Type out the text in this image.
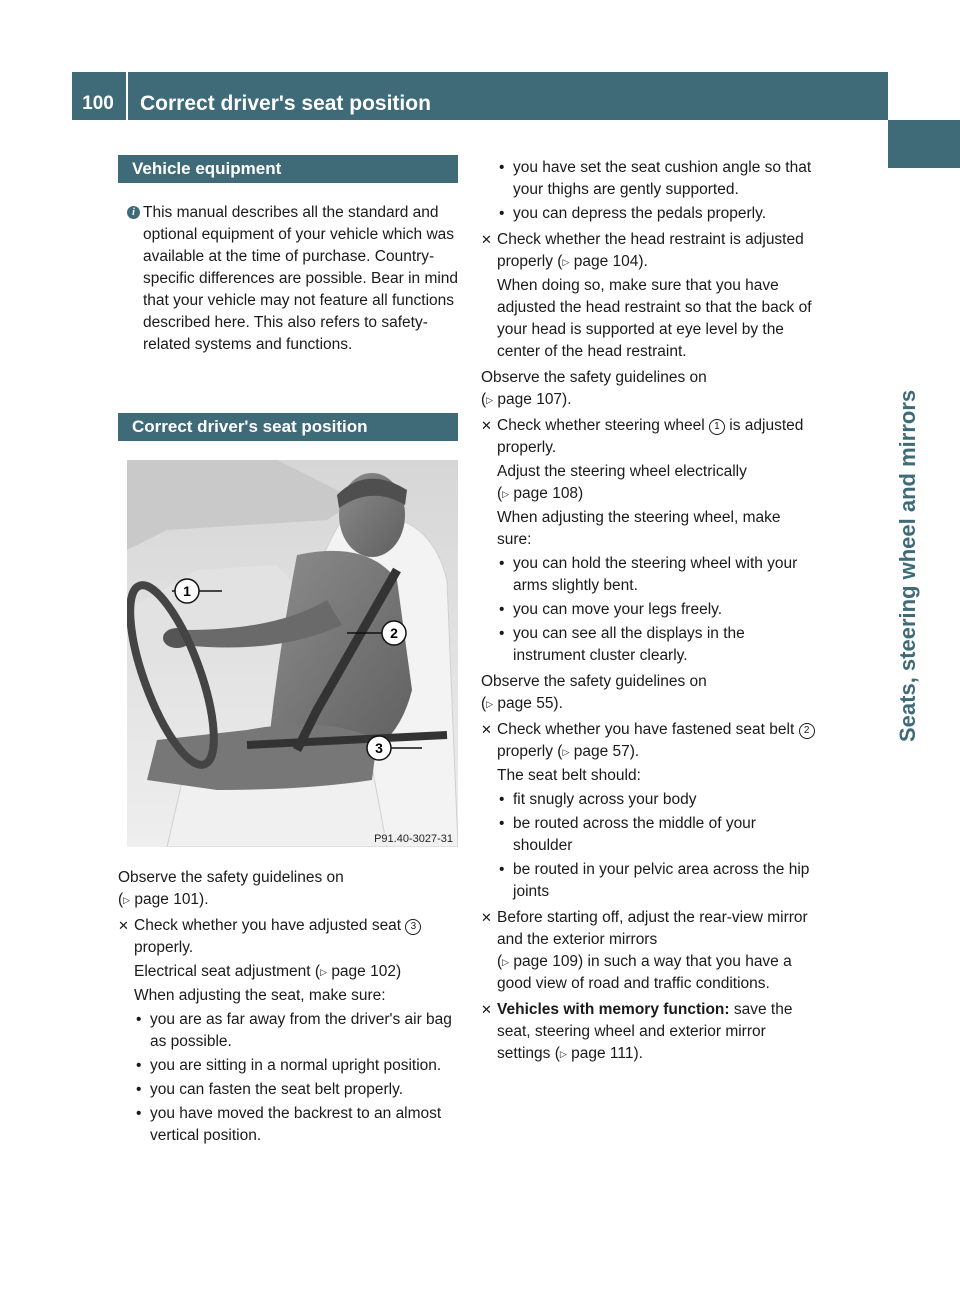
100	Correct driver's seat position
Seats, steering wheel and mirrors
Vehicle equipment
i This manual describes all the standard and optional equipment of your vehicle which was available at the time of purchase. Country-specific differences are possible. Bear in mind that your vehicle may not feature all functions described here. This also refers to safety-related systems and functions.
Correct driver's seat position
1
2
3
P91.40-3027-31

Observe the safety guidelines on
(▷ page 101).

✕ Check whether you have adjusted seat 3 properly.
Electrical seat adjustment (▷ page 102)
When adjusting the seat, make sure:
• you are as far away from the driver's air bag as possible.
• you are sitting in a normal upright position.
• you can fasten the seat belt properly.
• you have moved the backrest to an almost vertical position.
• you have set the seat cushion angle so that your thighs are gently supported.
• you can depress the pedals properly.
✕ Check whether the head restraint is adjusted properly (▷ page 104).
When doing so, make sure that you have adjusted the head restraint so that the back of your head is supported at eye level by the center of the head restraint.

Observe the safety guidelines on
(▷ page 107).

✕ Check whether steering wheel 1 is adjusted properly.
Adjust the steering wheel electrically
(▷ page 108)
When adjusting the steering wheel, make sure:
• you can hold the steering wheel with your arms slightly bent.
• you can move your legs freely.
• you can see all the displays in the instrument cluster clearly.

Observe the safety guidelines on
(▷ page 55).

✕ Check whether you have fastened seat belt 2 properly (▷ page 57).
The seat belt should:
• fit snugly across your body
• be routed across the middle of your shoulder
• be routed in your pelvic area across the hip joints
✕ Before starting off, adjust the rear-view mirror and the exterior mirrors
(▷ page 109) in such a way that you have a good view of road and traffic conditions.
✕ Vehicles with memory function: save the seat, steering wheel and exterior mirror settings (▷ page 111).
